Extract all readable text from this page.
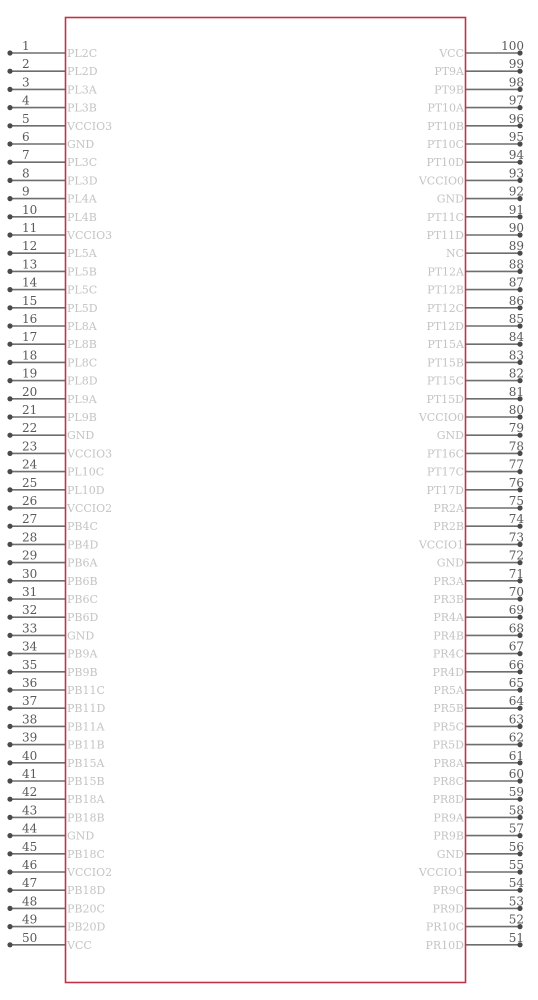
1
PL2C
2
PL2D
3
PL3A
4
PL3B
5
VCCIO3
6
GND
7
PL3C
8
PL3D
9
PL4A
10
PL4B
11
VCCIO3
12
PL5A
13
PL5B
14
PL5C
15
PL5D
16
PL8A
17
PL8B
18
PL8C
19
PL8D
20
PL9A
21
PL9B
22
GND
23
VCCIO3
24
PL10C
25
PL10D
26
VCCIO2
27
PB4C
28
PB4D
29
PB6A
30
PB6B
31
PB6C
32
PB6D
33
GND
34
PB9A
35
PB9B
36
PB11C
37
PB11D
38
PB11A
39
PB11B
40
PB15A
41
PB15B
42
PB18A
43
PB18B
44
GND
45
PB18C
46
VCCIO2
47
PB18D
48
PB20C
49
PB20D
50
VCC
100
VCC
99
PT9A
98
PT9B
97
PT10A
96
PT10B
95
PT10C
94
PT10D
93
VCCIO0
92
GND
91
PT11C
90
PT11D
89
NC
88
PT12A
87
PT12B
86
PT12C
85
PT12D
84
PT15A
83
PT15B
82
PT15C
81
PT15D
80
VCCIO0
79
GND
78
PT16C
77
PT17C
76
PT17D
75
PR2A
74
PR2B
73
VCCIO1
72
GND
71
PR3A
70
PR3B
69
PR4A
68
PR4B
67
PR4C
66
PR4D
65
PR5A
64
PR5B
63
PR5C
62
PR5D
61
PR8A
60
PR8C
59
PR8D
58
PR9A
57
PR9B
56
GND
55
VCCIO1
54
PR9C
53
PR9D
52
PR10C
51
PR10D
